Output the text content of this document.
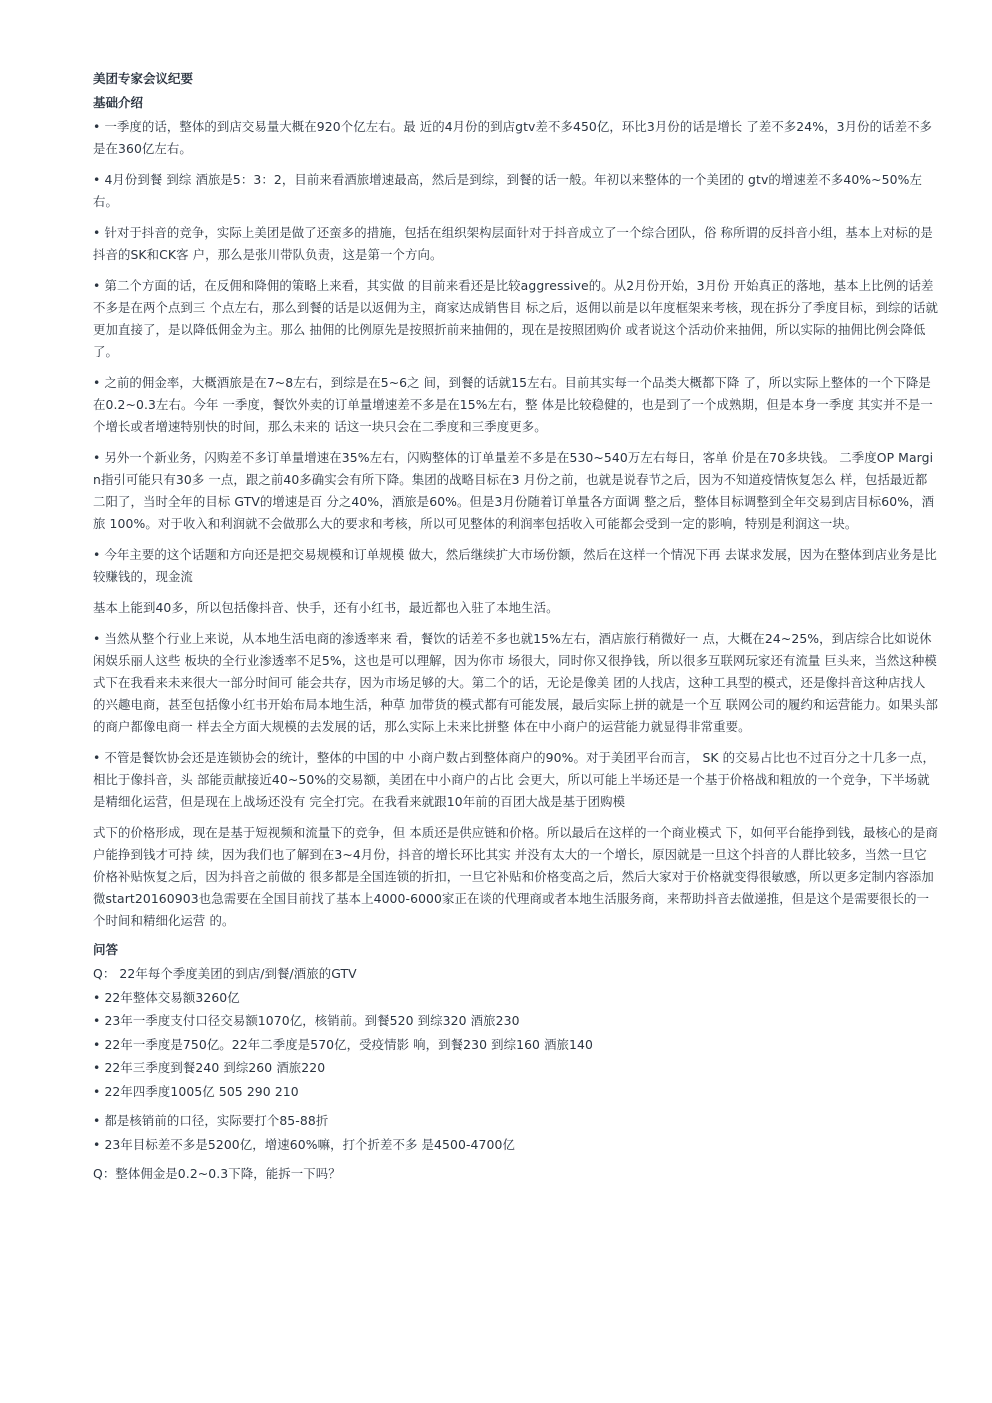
美团专家会议纪要
基础介绍
• 一季度的话，整体的到店交易量大概在920个亿左右。最 近的4月份的到店gtv差不多450亿，环比3月份的话是增长 了差不多24%，3月份的话差不多是在360亿左右。
• 4月份到餐 到综 酒旅是5：3：2，目前来看酒旅增速最高，然后是到综，到餐的话一般。年初以来整体的一个美团的 gtv的增速差不多40%~50%左右。
• 针对于抖音的竞争，实际上美团是做了还蛮多的措施，包括在组织架构层面针对于抖音成立了一个综合团队，俗 称所谓的反抖音小组，基本上对标的是抖音的SK和CK客 户，那么是张川带队负责，这是第一个方向。
• 第二个方面的话，在反佣和降佣的策略上来看，其实做 的目前来看还是比较aggressive的。从2月份开始，3月份 开始真正的落地，基本上比例的话差不多是在两个点到三 个点左右，那么到餐的话是以返佣为主，商家达成销售目 标之后，返佣以前是以年度框架来考核，现在拆分了季度目标，到综的话就更加直接了，是以降低佣金为主。那么 抽佣的比例原先是按照折前来抽佣的，现在是按照团购价 或者说这个活动价来抽佣，所以实际的抽佣比例会降低 了。
• 之前的佣金率，大概酒旅是在7~8左右，到综是在5~6之 间，到餐的话就15左右。目前其实每一个品类大概都下降 了，所以实际上整体的一个下降是在0.2~0.3左右。今年 一季度，餐饮外卖的订单量增速差不多是在15%左右，整 体是比较稳健的，也是到了一个成熟期，但是本身一季度 其实并不是一个增长或者增速特别快的时间，那么未来的 话这一块只会在二季度和三季度更多。
• 另外一个新业务，闪购差不多订单量增速在35%左右，闪购整体的订单量差不多是在530~540万左右每日，客单 价是在70多块钱。 二季度OP Margin指引可能只有30多 一点，跟之前40多确实会有所下降。集团的战略目标在3 月份之前，也就是说春节之后，因为不知道疫情恢复怎么 样，包括最近都二阳了，当时全年的目标 GTV的增速是百 分之40%，酒旅是60%。但是3月份随着订单量各方面调 整之后，整体目标调整到全年交易到店目标60%，酒旅 100%。对于收入和利润就不会做那么大的要求和考核，所以可见整体的利润率包括收入可能都会受到一定的影响，特别是利润这一块。
• 今年主要的这个话题和方向还是把交易规模和订单规模 做大，然后继续扩大市场份额，然后在这样一个情况下再 去谋求发展，因为在整体到店业务是比较赚钱的，现金流
基本上能到40多，所以包括像抖音、快手，还有小红书，最近都也入驻了本地生活。
• 当然从整个行业上来说，从本地生活电商的渗透率来 看，餐饮的话差不多也就15%左右，酒店旅行稍微好一 点，大概在24~25%，到店综合比如说休闲娱乐丽人这些 板块的全行业渗透率不足5%，这也是可以理解，因为你市 场很大，同时你又很挣钱，所以很多互联网玩家还有流量 巨头来，当然这种模式下在我看来未来很大一部分时间可 能会共存，因为市场足够的大。第二个的话，无论是像美 团的人找店，这种工具型的模式，还是像抖音这种店找人 的兴趣电商，甚至包括像小红书开始布局本地生活，种草 加带货的模式都有可能发展，最后实际上拼的就是一个互 联网公司的履约和运营能力。如果头部的商户都像电商一 样去全方面大规模的去发展的话，那么实际上未来比拼整 体在中小商户的运营能力就显得非常重要。
• 不管是餐饮协会还是连锁协会的统计，整体的中国的中 小商户数占到整体商户的90%。对于美团平台而言， SK 的交易占比也不过百分之十几多一点，相比于像抖音，头 部能贡献接近40~50%的交易额，美团在中小商户的占比 会更大，所以可能上半场还是一个基于价格战和粗放的一个竞争，下半场就是精细化运营，但是现在上战场还没有 完全打完。在我看来就跟10年前的百团大战是基于团购模
式下的价格形成，现在是基于短视频和流量下的竞争，但 本质还是供应链和价格。所以最后在这样的一个商业模式 下，如何平台能挣到钱，最核心的是商户能挣到钱才可持 续，因为我们也了解到在3~4月份，抖音的增长环比其实 并没有太大的一个增长，原因就是一旦这个抖音的人群比较多，当然一旦它价格补贴恢复之后，因为抖音之前做的 很多都是全国连锁的折扣，一旦它补贴和价格变高之后，然后大家对于价格就变得很敏感，所以更多定制内容添加 微start20160903也急需要在全国目前找了基本上4000-6000家正在谈的代理商或者本地生活服务商，来帮助抖音去做递推，但是这个是需要很长的一个时间和精细化运营 的。
问答
Q： 22年每个季度美团的到店/到餐/酒旅的GTV
• 22年整体交易额3260亿
• 23年一季度支付口径交易额1070亿，核销前。到餐520 到综320 酒旅230
• 22年一季度是750亿。22年二季度是570亿，受疫情影 响，到餐230 到综160 酒旅140
• 22年三季度到餐240 到综260 酒旅220
• 22年四季度1005亿 505 290 210
• 都是核销前的口径，实际要打个85-88折
• 23年目标差不多是5200亿，增速60%嘛，打个折差不多 是4500-4700亿
Q：整体佣金是0.2~0.3下降，能拆一下吗？
